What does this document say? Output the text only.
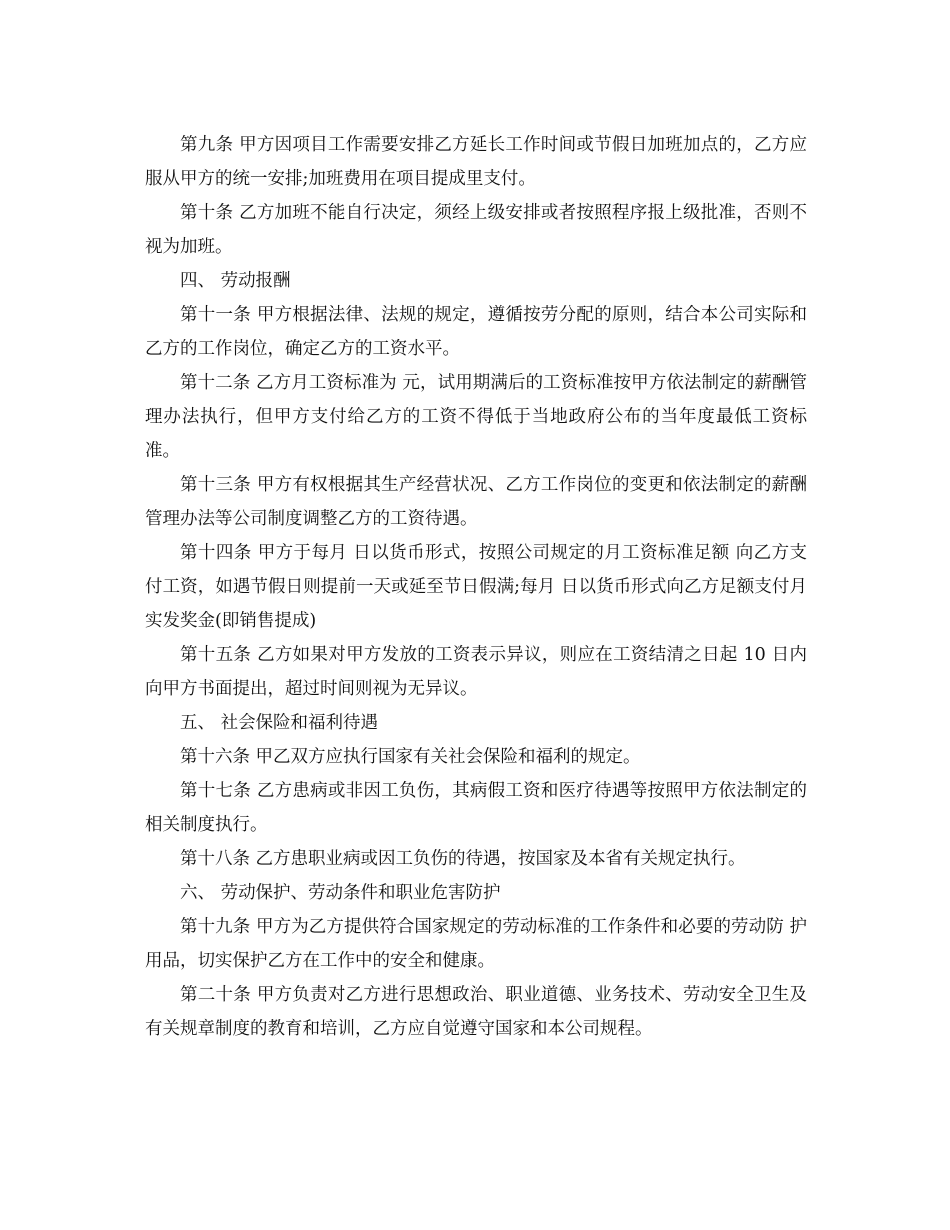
第九条 甲方因项目工作需要安排乙方延长工作时间或节假日加班加点的，乙方应服从甲方的统一安排;加班费用在项目提成里支付。

第十条 乙方加班不能自行决定，须经上级安排或者按照程序报上级批准，否则不视为加班。

四、 劳动报酬

第十一条 甲方根据法律、法规的规定，遵循按劳分配的原则，结合本公司实际和 乙方的工作岗位，确定乙方的工资水平。

第十二条 乙方月工资标准为 元，试用期满后的工资标准按甲方依法制定的薪酬管理办法执行，但甲方支付给乙方的工资不得低于当地政府公布的当年度最低工资标准。

第十三条 甲方有权根据其生产经营状况、乙方工作岗位的变更和依法制定的薪酬管理办法等公司制度调整乙方的工资待遇。

第十四条 甲方于每月 日以货币形式，按照公司规定的月工资标准足额 向乙方支付工资，如遇节假日则提前一天或延至节日假满;每月 日以货币形式向乙方足额支付月实发奖金(即销售提成)

第十五条 乙方如果对甲方发放的工资表示异议，则应在工资结清之日起 10 日内 向甲方书面提出，超过时间则视为无异议。

五、 社会保险和福利待遇

第十六条 甲乙双方应执行国家有关社会保险和福利的规定。

第十七条 乙方患病或非因工负伤，其病假工资和医疗待遇等按照甲方依法制定的 相关制度执行。

第十八条 乙方患职业病或因工负伤的待遇，按国家及本省有关规定执行。

六、 劳动保护、劳动条件和职业危害防护

第十九条 甲方为乙方提供符合国家规定的劳动标准的工作条件和必要的劳动防 护用品，切实保护乙方在工作中的安全和健康。

第二十条 甲方负责对乙方进行思想政治、职业道德、业务技术、劳动安全卫生及 有关规章制度的教育和培训，乙方应自觉遵守国家和本公司规程。
